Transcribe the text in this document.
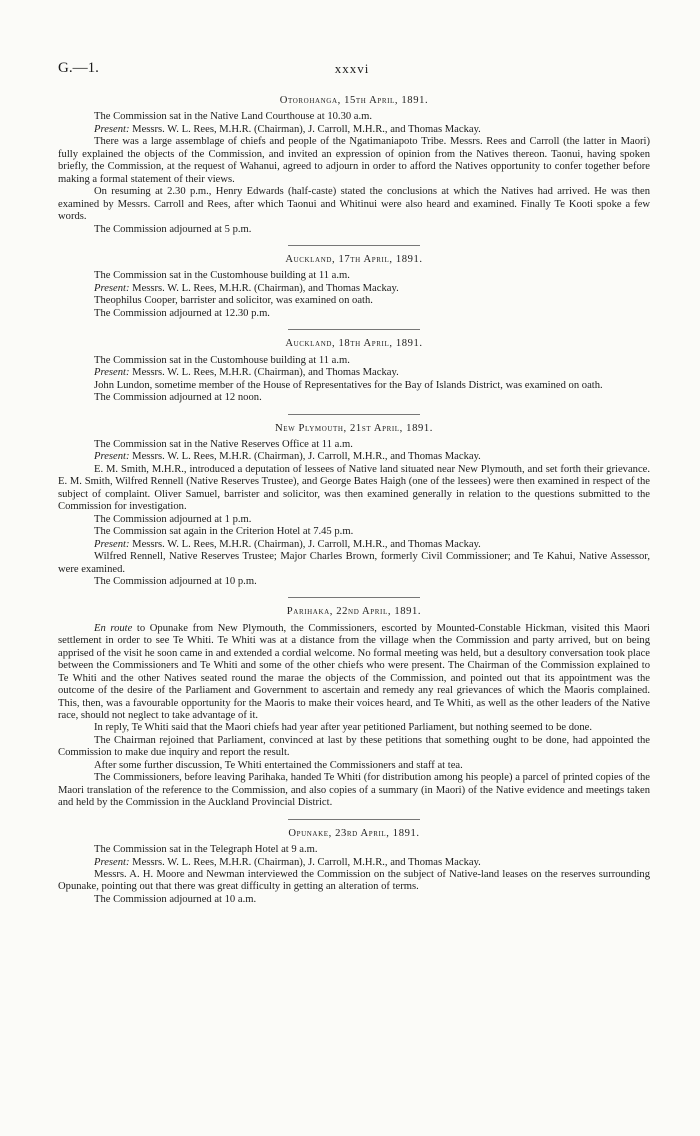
G.—1.	xxxvi
Otorohanga, 15th April, 1891.

The Commission sat in the Native Land Courthouse at 10.30 a.m.

Present: Messrs. W. L. Rees, M.H.R. (Chairman), J. Carroll, M.H.R., and Thomas Mackay.

There was a large assemblage of chiefs and people of the Ngatimaniapoto Tribe. Messrs. Rees and Carroll (the latter in Maori) fully explained the objects of the Commission, and invited an expression of opinion from the Natives thereon. Taonui, having spoken briefly, the Commission, at the request of Wahanui, agreed to adjourn in order to afford the Natives opportunity to confer together before making a formal statement of their views.

On resuming at 2.30 p.m., Henry Edwards (half-caste) stated the conclusions at which the Natives had arrived. He was then examined by Messrs. Carroll and Rees, after which Taonui and Whitinui were also heard and examined. Finally Te Kooti spoke a few words.

The Commission adjourned at 5 p.m.

Auckland, 17th April, 1891.

The Commission sat in the Customhouse building at 11 a.m.

Present: Messrs. W. L. Rees, M.H.R. (Chairman), and Thomas Mackay.

Theophilus Cooper, barrister and solicitor, was examined on oath.

The Commission adjourned at 12.30 p.m.

Auckland, 18th April, 1891.

The Commission sat in the Customhouse building at 11 a.m.

Present: Messrs. W. L. Rees, M.H.R. (Chairman), and Thomas Mackay.

John Lundon, sometime member of the House of Representatives for the Bay of Islands District, was examined on oath.

The Commission adjourned at 12 noon.

New Plymouth, 21st April, 1891.

The Commission sat in the Native Reserves Office at 11 a.m.

Present: Messrs. W. L. Rees, M.H.R. (Chairman), J. Carroll, M.H.R., and Thomas Mackay.

E. M. Smith, M.H.R., introduced a deputation of lessees of Native land situated near New Plymouth, and set forth their grievance. E. M. Smith, Wilfred Rennell (Native Reserves Trustee), and George Bates Haigh (one of the lessees) were then examined in respect of the subject of complaint. Oliver Samuel, barrister and solicitor, was then examined generally in relation to the questions submitted to the Commission for investigation.

The Commission adjourned at 1 p.m.

The Commission sat again in the Criterion Hotel at 7.45 p.m.

Present: Messrs. W. L. Rees, M.H.R. (Chairman), J. Carroll, M.H.R., and Thomas Mackay.

Wilfred Rennell, Native Reserves Trustee; Major Charles Brown, formerly Civil Commissioner; and Te Kahui, Native Assessor, were examined.

The Commission adjourned at 10 p.m.

Parihaka, 22nd April, 1891.

En route to Opunake from New Plymouth, the Commissioners, escorted by Mounted-Constable Hickman, visited this Maori settlement in order to see Te Whiti. Te Whiti was at a distance from the village when the Commission and party arrived, but on being apprised of the visit he soon came in and extended a cordial welcome. No formal meeting was held, but a desultory conversation took place between the Commissioners and Te Whiti and some of the other chiefs who were present. The Chairman of the Commission explained to Te Whiti and the other Natives seated round the marae the objects of the Commission, and pointed out that its appointment was the outcome of the desire of the Parliament and Government to ascertain and remedy any real grievances of which the Maoris complained. This, then, was a favourable opportunity for the Maoris to make their voices heard, and Te Whiti, as well as the other leaders of the Native race, should not neglect to take advantage of it.

In reply, Te Whiti said that the Maori chiefs had year after year petitioned Parliament, but nothing seemed to be done.

The Chairman rejoined that Parliament, convinced at last by these petitions that something ought to be done, had appointed the Commission to make due inquiry and report the result.

After some further discussion, Te Whiti entertained the Commissioners and staff at tea.

The Commissioners, before leaving Parihaka, handed Te Whiti (for distribution among his people) a parcel of printed copies of the Maori translation of the reference to the Commission, and also copies of a summary (in Maori) of the Native evidence and meetings taken and held by the Commission in the Auckland Provincial District.

Opunake, 23rd April, 1891.

The Commission sat in the Telegraph Hotel at 9 a.m.

Present: Messrs. W. L. Rees, M.H.R. (Chairman), J. Carroll, M.H.R., and Thomas Mackay.

Messrs. A. H. Moore and Newman interviewed the Commission on the subject of Native-land leases on the reserves surrounding Opunake, pointing out that there was great difficulty in getting an alteration of terms.

The Commission adjourned at 10 a.m.
